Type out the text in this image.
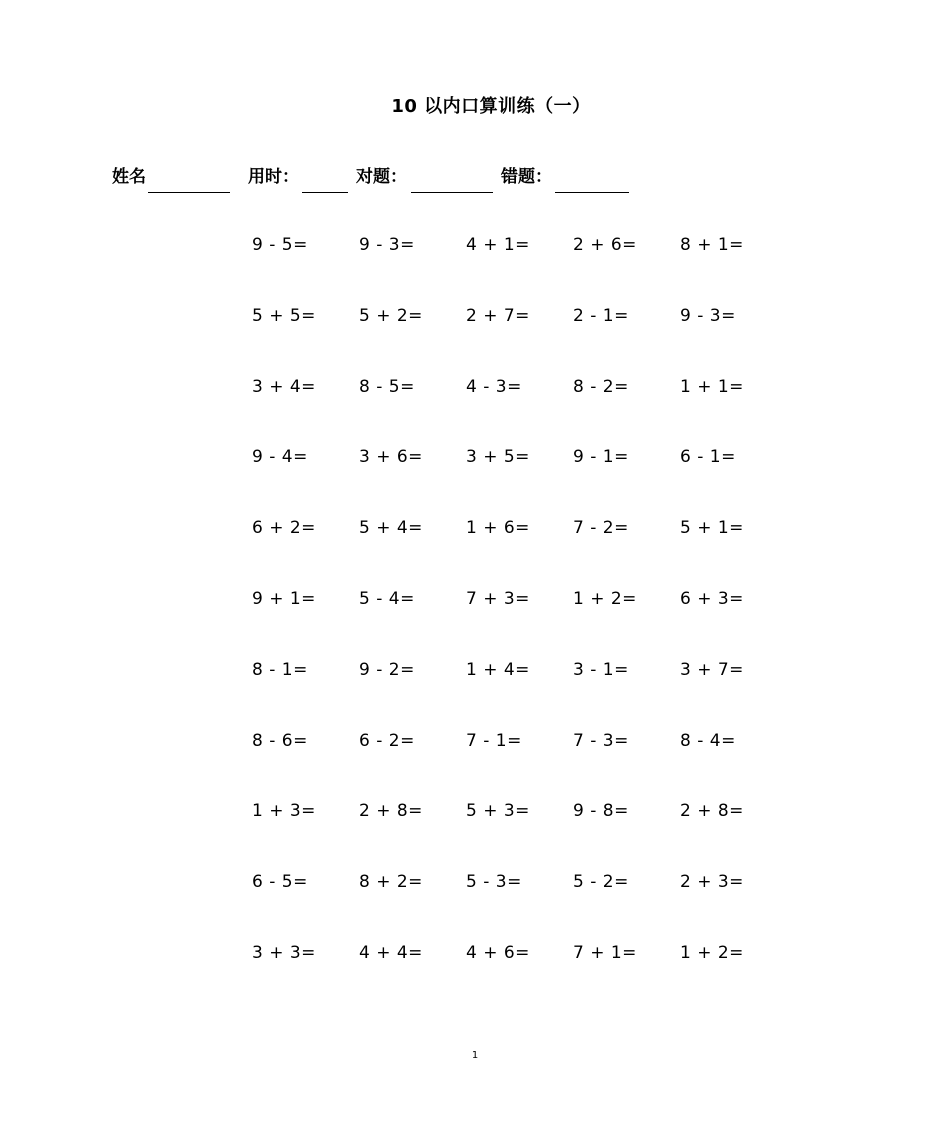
10 以内口算训练（一）
姓名	用时：	对题：	错题：
9 - 5=	9 - 3=	4 + 1=	2 + 6=	8 + 1=
5 + 5=	5 + 2=	2 + 7=	2 - 1=	9 - 3=
3 + 4=	8 - 5=	4 - 3=	8 - 2=	1 + 1=
9 - 4=	3 + 6=	3 + 5=	9 - 1=	6 - 1=
6 + 2=	5 + 4=	1 + 6=	7 - 2=	5 + 1=
9 + 1=	5 - 4=	7 + 3=	1 + 2=	6 + 3=
8 - 1=	9 - 2=	1 + 4=	3 - 1=	3 + 7=
8 - 6=	6 - 2=	7 - 1=	7 - 3=	8 - 4=
1 + 3=	2 + 8=	5 + 3=	9 - 8=	2 + 8=
6 - 5=	8 + 2=	5 - 3=	5 - 2=	2 + 3=
3 + 3=	4 + 4=	4 + 6=	7 + 1=	1 + 2=
1
